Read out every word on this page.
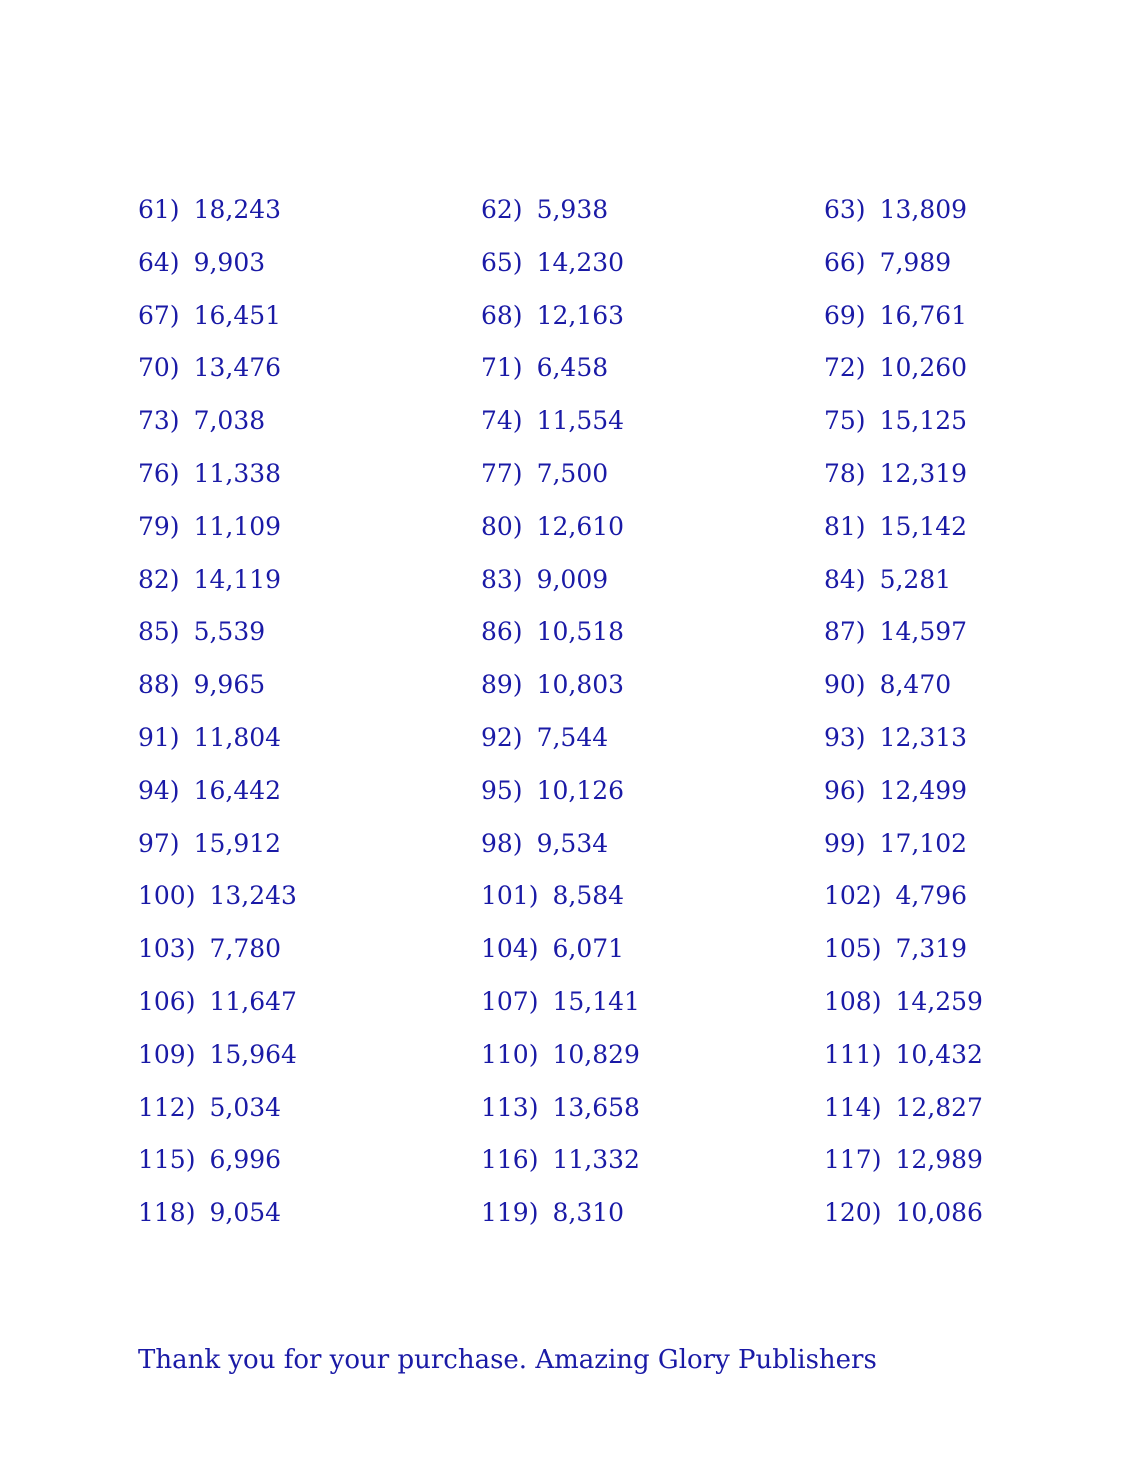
61) 18,243	62) 5,938	63) 13,809
64) 9,903	65) 14,230	66) 7,989
67) 16,451	68) 12,163	69) 16,761
70) 13,476	71) 6,458	72) 10,260
73) 7,038	74) 11,554	75) 15,125
76) 11,338	77) 7,500	78) 12,319
79) 11,109	80) 12,610	81) 15,142
82) 14,119	83) 9,009	84) 5,281
85) 5,539	86) 10,518	87) 14,597
88) 9,965	89) 10,803	90) 8,470
91) 11,804	92) 7,544	93) 12,313
94) 16,442	95) 10,126	96) 12,499
97) 15,912	98) 9,534	99) 17,102
100) 13,243	101) 8,584	102) 4,796
103) 7,780	104) 6,071	105) 7,319
106) 11,647	107) 15,141	108) 14,259
109) 15,964	110) 10,829	111) 10,432
112) 5,034	113) 13,658	114) 12,827
115) 6,996	116) 11,332	117) 12,989
118) 9,054	119) 8,310	120) 10,086
Thank you for your purchase. Amazing Glory Publishers
